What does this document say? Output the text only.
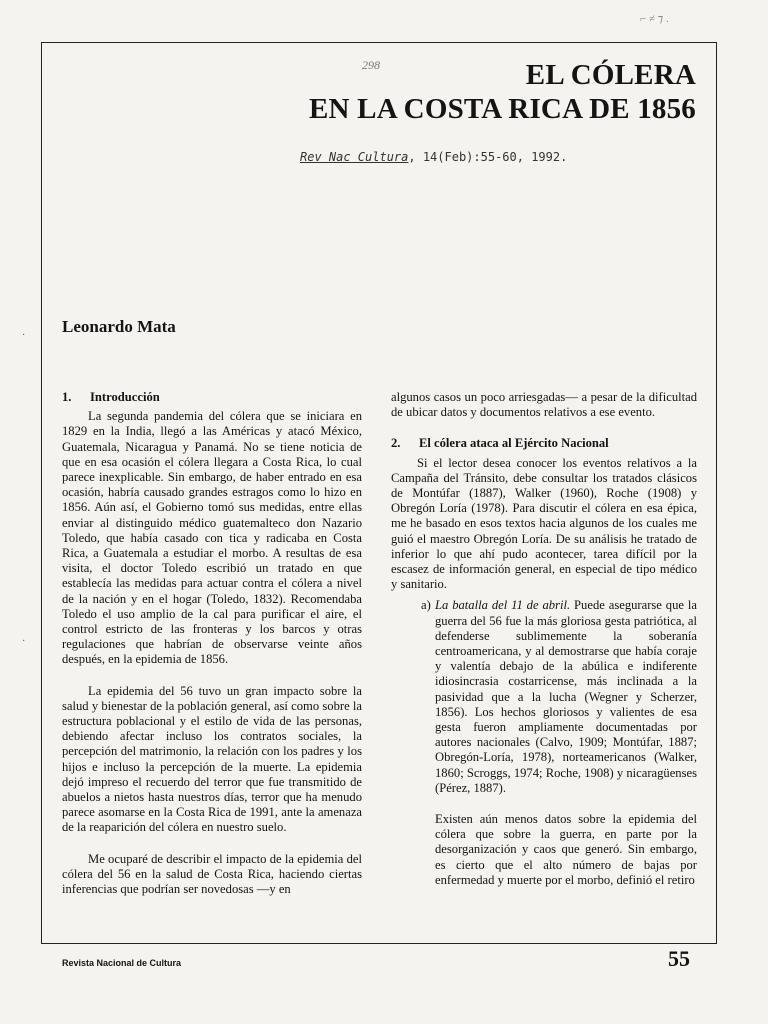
⌐ ≠ ⁊ .
298	EL CÓLERA
EN LA COSTA RICA DE 1856
Rev Nac Cultura, 14(Feb):55-60, 1992.
Leonardo Mata
·
·
1. Introducción

La segunda pandemia del cólera que se iniciara en 1829 en la India, llegó a las Américas y atacó México, Guatemala, Nicaragua y Panamá. No se tiene noticia de que en esa ocasión el cólera llegara a Costa Rica, lo cual parece inexplicable. Sin embargo, de haber entrado en esa ocasión, habría causado grandes estragos como lo hizo en 1856. Aún así, el Gobierno tomó sus medidas, entre ellas enviar al distinguido médico guatemalteco don Nazario Toledo, que había casado con tica y radicaba en Costa Rica, a Guatemala a estudiar el morbo. A resultas de esa visita, el doctor Toledo escribió un tratado en que establecía las medidas para actuar contra el cólera a nivel de la nación y en el hogar (Toledo, 1832). Recomendaba Toledo el uso amplio de la cal para purificar el aire, el control estricto de las fronteras y los barcos y otras regulaciones que habrían de observarse veinte años después, en la epidemia de 1856.

La epidemia del 56 tuvo un gran impacto sobre la salud y bienestar de la población general, así como sobre la estructura poblacional y el estilo de vida de las personas, debiendo afectar incluso los contratos sociales, la percepción del matrimonio, la relación con los padres y los hijos e incluso la percepción de la muerte. La epidemia dejó impreso el recuerdo del terror que fue transmitido de abuelos a nietos hasta nuestros días, terror que ha menudo parece asomarse en la Costa Rica de 1991, ante la amenaza de la reaparición del cólera en nuestro suelo.

Me ocuparé de describir el impacto de la epidemia del cólera del 56 en la salud de Costa Rica, haciendo ciertas inferencias que podrían ser novedosas —y en

algunos casos un poco arriesgadas— a pesar de la dificultad de ubicar datos y documentos relativos a ese evento.

2. El cólera ataca al Ejército Nacional

Si el lector desea conocer los eventos relativos a la Campaña del Tránsito, debe consultar los tratados clásicos de Montúfar (1887), Walker (1960), Roche (1908) y Obregón Loría (1978). Para discutir el cólera en esa épica, me he basado en esos textos hacia algunos de los cuales me guió el maestro Obregón Loría. De su análisis he tratado de inferior lo que ahí pudo acontecer, tarea difícil por la escasez de información general, en especial de tipo médico y sanitario.

a) La batalla del 11 de abril. Puede asegurarse que la guerra del 56 fue la más gloriosa gesta patriótica, al defenderse sublimemente la soberanía centroamericana, y al demostrarse que había coraje y valentía debajo de la abúlica e indiferente idiosincrasia costarricense, más inclinada a la pasividad que a la lucha (Wegner y Scherzer, 1856). Los hechos gloriosos y valientes de esa gesta fueron ampliamente documentadas por autores nacionales (Calvo, 1909; Montúfar, 1887; Obregón-Loría, 1978), norteamericanos (Walker, 1860; Scroggs, 1974; Roche, 1908) y nicaragüenses (Pérez, 1887).

Existen aún menos datos sobre la epidemia del cólera que sobre la guerra, en parte por la desorganización y caos que generó. Sin embargo, es cierto que el alto número de bajas por enfermedad y muerte por el morbo, definió el retiro

Revista Nacional de Cultura	55
